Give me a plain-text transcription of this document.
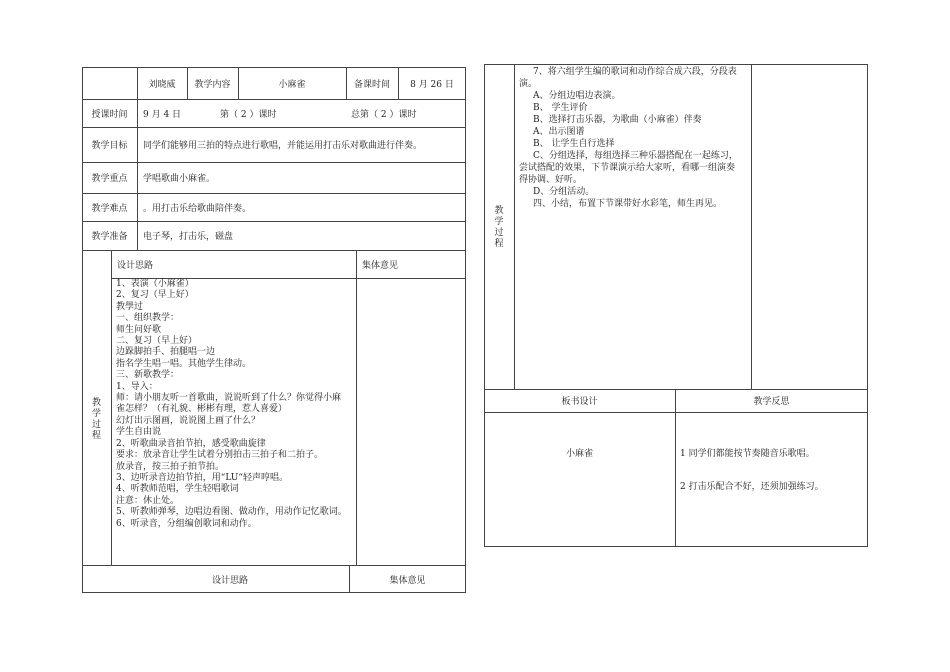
刘晓威	教学内容	小麻雀	备课时间	8 月 26 日
授课时间	9 月 4 日	第（ 2 ）课时	总第（ 2 ）课时
教学目标	同学们能够用三拍的特点进行歌唱，并能运用打击乐对歌曲进行伴奏。
教学重点	学唱歌曲小麻雀。
教学难点	。用打击乐给歌曲陪伴奏。
教学准备	电子琴，打击乐，磁盘
设计思路	集体意见
教
学
过
程
1、表演（小麻雀）
2、复习（早上好）
教學过
一、组织教学：
师生问好歌
二、复习（早上好）
边跺脚拍手、拍腿唱一边
指名学生唱一唱。其他学生律动。
三、新歌教学：
1、导入：
师：请小朋友听一首歌曲，说说听到了什么？你觉得小麻
雀怎样？（有礼貌、彬彬有理，惹人喜爱）
幻灯出示图画，说说图上画了什么？
学生自由说
2、听歌曲录音拍节拍，感受歌曲旋律
要求：放录音让学生试着分别拍击三拍子和二拍子。
放录音，按三拍子拍节拍。
3、边听录音边拍节拍，用“LU“轻声哼唱。
4、听教师范唱，学生轻唱歌词
注意：休止处。
5、听教师弹琴，边唱边看图、做动作，用动作记忆歌词。
6、听录音，分组编创歌词和动作。
设计思路	集体意见
教
学
过
程
7、将六组学生编的歌词和动作综合成六段，分段表
演。
A、分组边唱边表演。
B、 学生评价
B、选择打击乐器，为歌曲（小麻雀）伴奏
A、出示图谱
B、 让学生自行选择
C、分组选择，每组选择三种乐器搭配在一起练习，
尝试搭配的效果，下节课演示给大家听，看哪一组演奏
得协调、好听。
D、分组活动。
四、小结，布置下节课带好水彩笔，师生再见。
板书设计	教学反思
小麻雀	1 同学们都能按节奏随音乐歌唱。
2 打击乐配合不好，还须加强练习。
